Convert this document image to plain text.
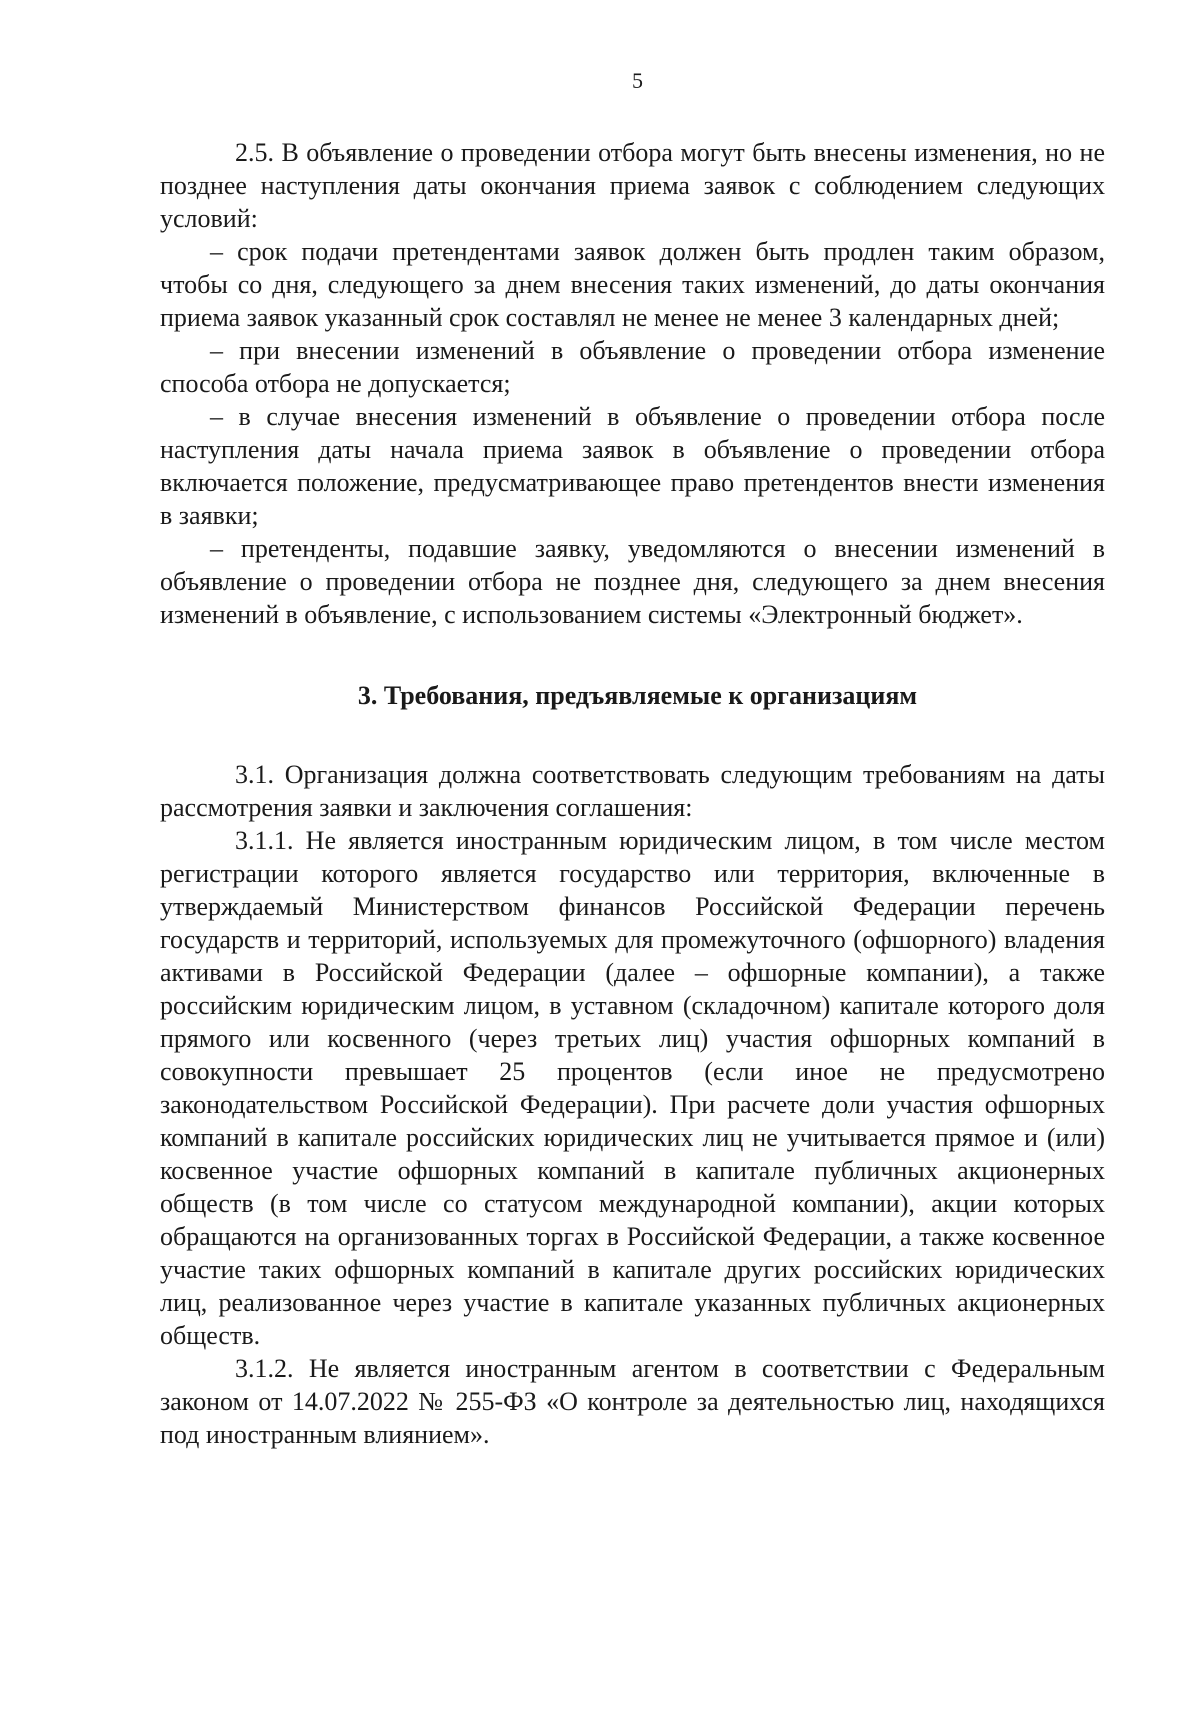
5

2.5. В объявление о проведении отбора могут быть внесены изменения, но не позднее наступления даты окончания приема заявок с соблюдением следующих условий:

– срок подачи претендентами заявок должен быть продлен таким образом, чтобы со дня, следующего за днем внесения таких изменений, до даты окончания приема заявок указанный срок составлял не менее не менее 3 календарных дней;

– при внесении изменений в объявление о проведении отбора изменение способа отбора не допускается;

– в случае внесения изменений в объявление о проведении отбора после наступления даты начала приема заявок в объявление о проведении отбора включается положение, предусматривающее право претендентов внести изменения в заявки;

– претенденты, подавшие заявку, уведомляются о внесении изменений в объявление о проведении отбора не позднее дня, следующего за днем внесения изменений в объявление, с использованием системы «Электронный бюджет».

3. Требования, предъявляемые к организациям

3.1. Организация должна соответствовать следующим требованиям на даты рассмотрения заявки и заключения соглашения:

3.1.1. Не является иностранным юридическим лицом, в том числе местом регистрации которого является государство или территория, включенные в утверждаемый Министерством финансов Российской Федерации перечень государств и территорий, используемых для промежуточного (офшорного) владения активами в Российской Федерации (далее – офшорные компании), а также российским юридическим лицом, в уставном (складочном) капитале которого доля прямого или косвенного (через третьих лиц) участия офшорных компаний в совокупности превышает 25 процентов (если иное не предусмотрено законодательством Российской Федерации). При расчете доли участия офшорных компаний в капитале российских юридических лиц не учитывается прямое и (или) косвенное участие офшорных компаний в капитале публичных акционерных обществ (в том числе со статусом международной компании), акции которых обращаются на организованных торгах в Российской Федерации, а также косвенное участие таких офшорных компаний в капитале других российских юридических лиц, реализованное через участие в капитале указанных публичных акционерных обществ.

3.1.2. Не является иностранным агентом в соответствии с Федеральным законом от 14.07.2022 № 255-ФЗ «О контроле за деятельностью лиц, находящихся под иностранным влиянием».
